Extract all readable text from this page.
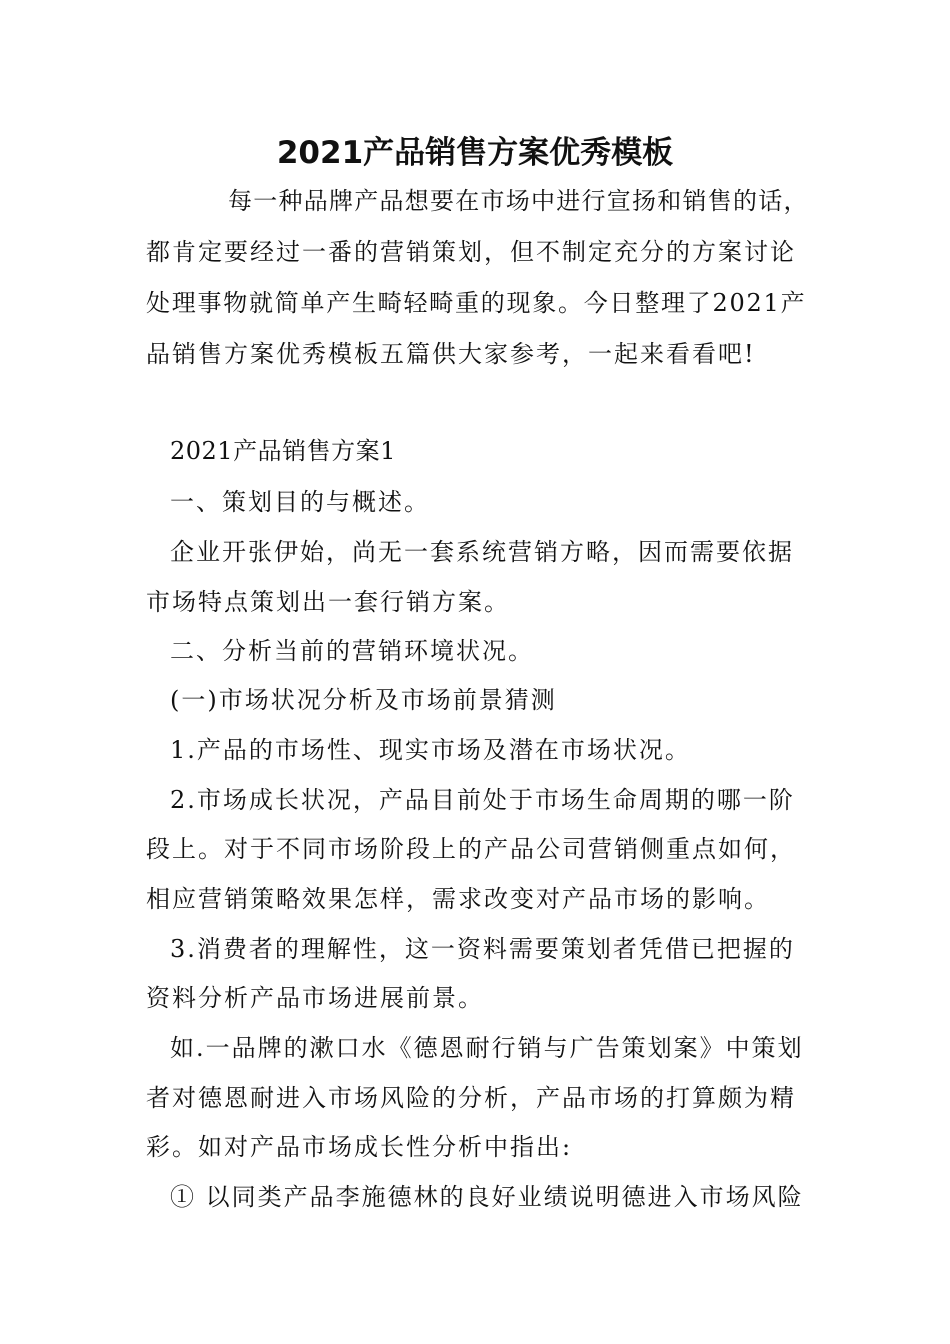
2021产品销售方案优秀模板

每一种品牌产品想要在市场中进行宣扬和销售的话，

都肯定要经过一番的营销策划，但不制定充分的方案讨论

处理事物就简单产生畸轻畸重的现象。今日整理了2021产

品销售方案优秀模板五篇供大家参考，一起来看看吧!

2021产品销售方案1

一、策划目的与概述。

企业开张伊始，尚无一套系统营销方略，因而需要依据

市场特点策划出一套行销方案。

二、分析当前的营销环境状况。

(一)市场状况分析及市场前景猜测

1.产品的市场性、现实市场及潜在市场状况。

2.市场成长状况，产品目前处于市场生命周期的哪一阶

段上。对于不同市场阶段上的产品公司营销侧重点如何，

相应营销策略效果怎样，需求改变对产品市场的影响。

3.消费者的理解性，这一资料需要策划者凭借已把握的

资料分析产品市场进展前景。

如.一品牌的漱口水《德恩耐行销与广告策划案》中策划

者对德恩耐进入市场风险的分析，产品市场的打算颇为精

彩。如对产品市场成长性分析中指出:

① 以同类产品李施德林的良好业绩说明德进入市场风险
